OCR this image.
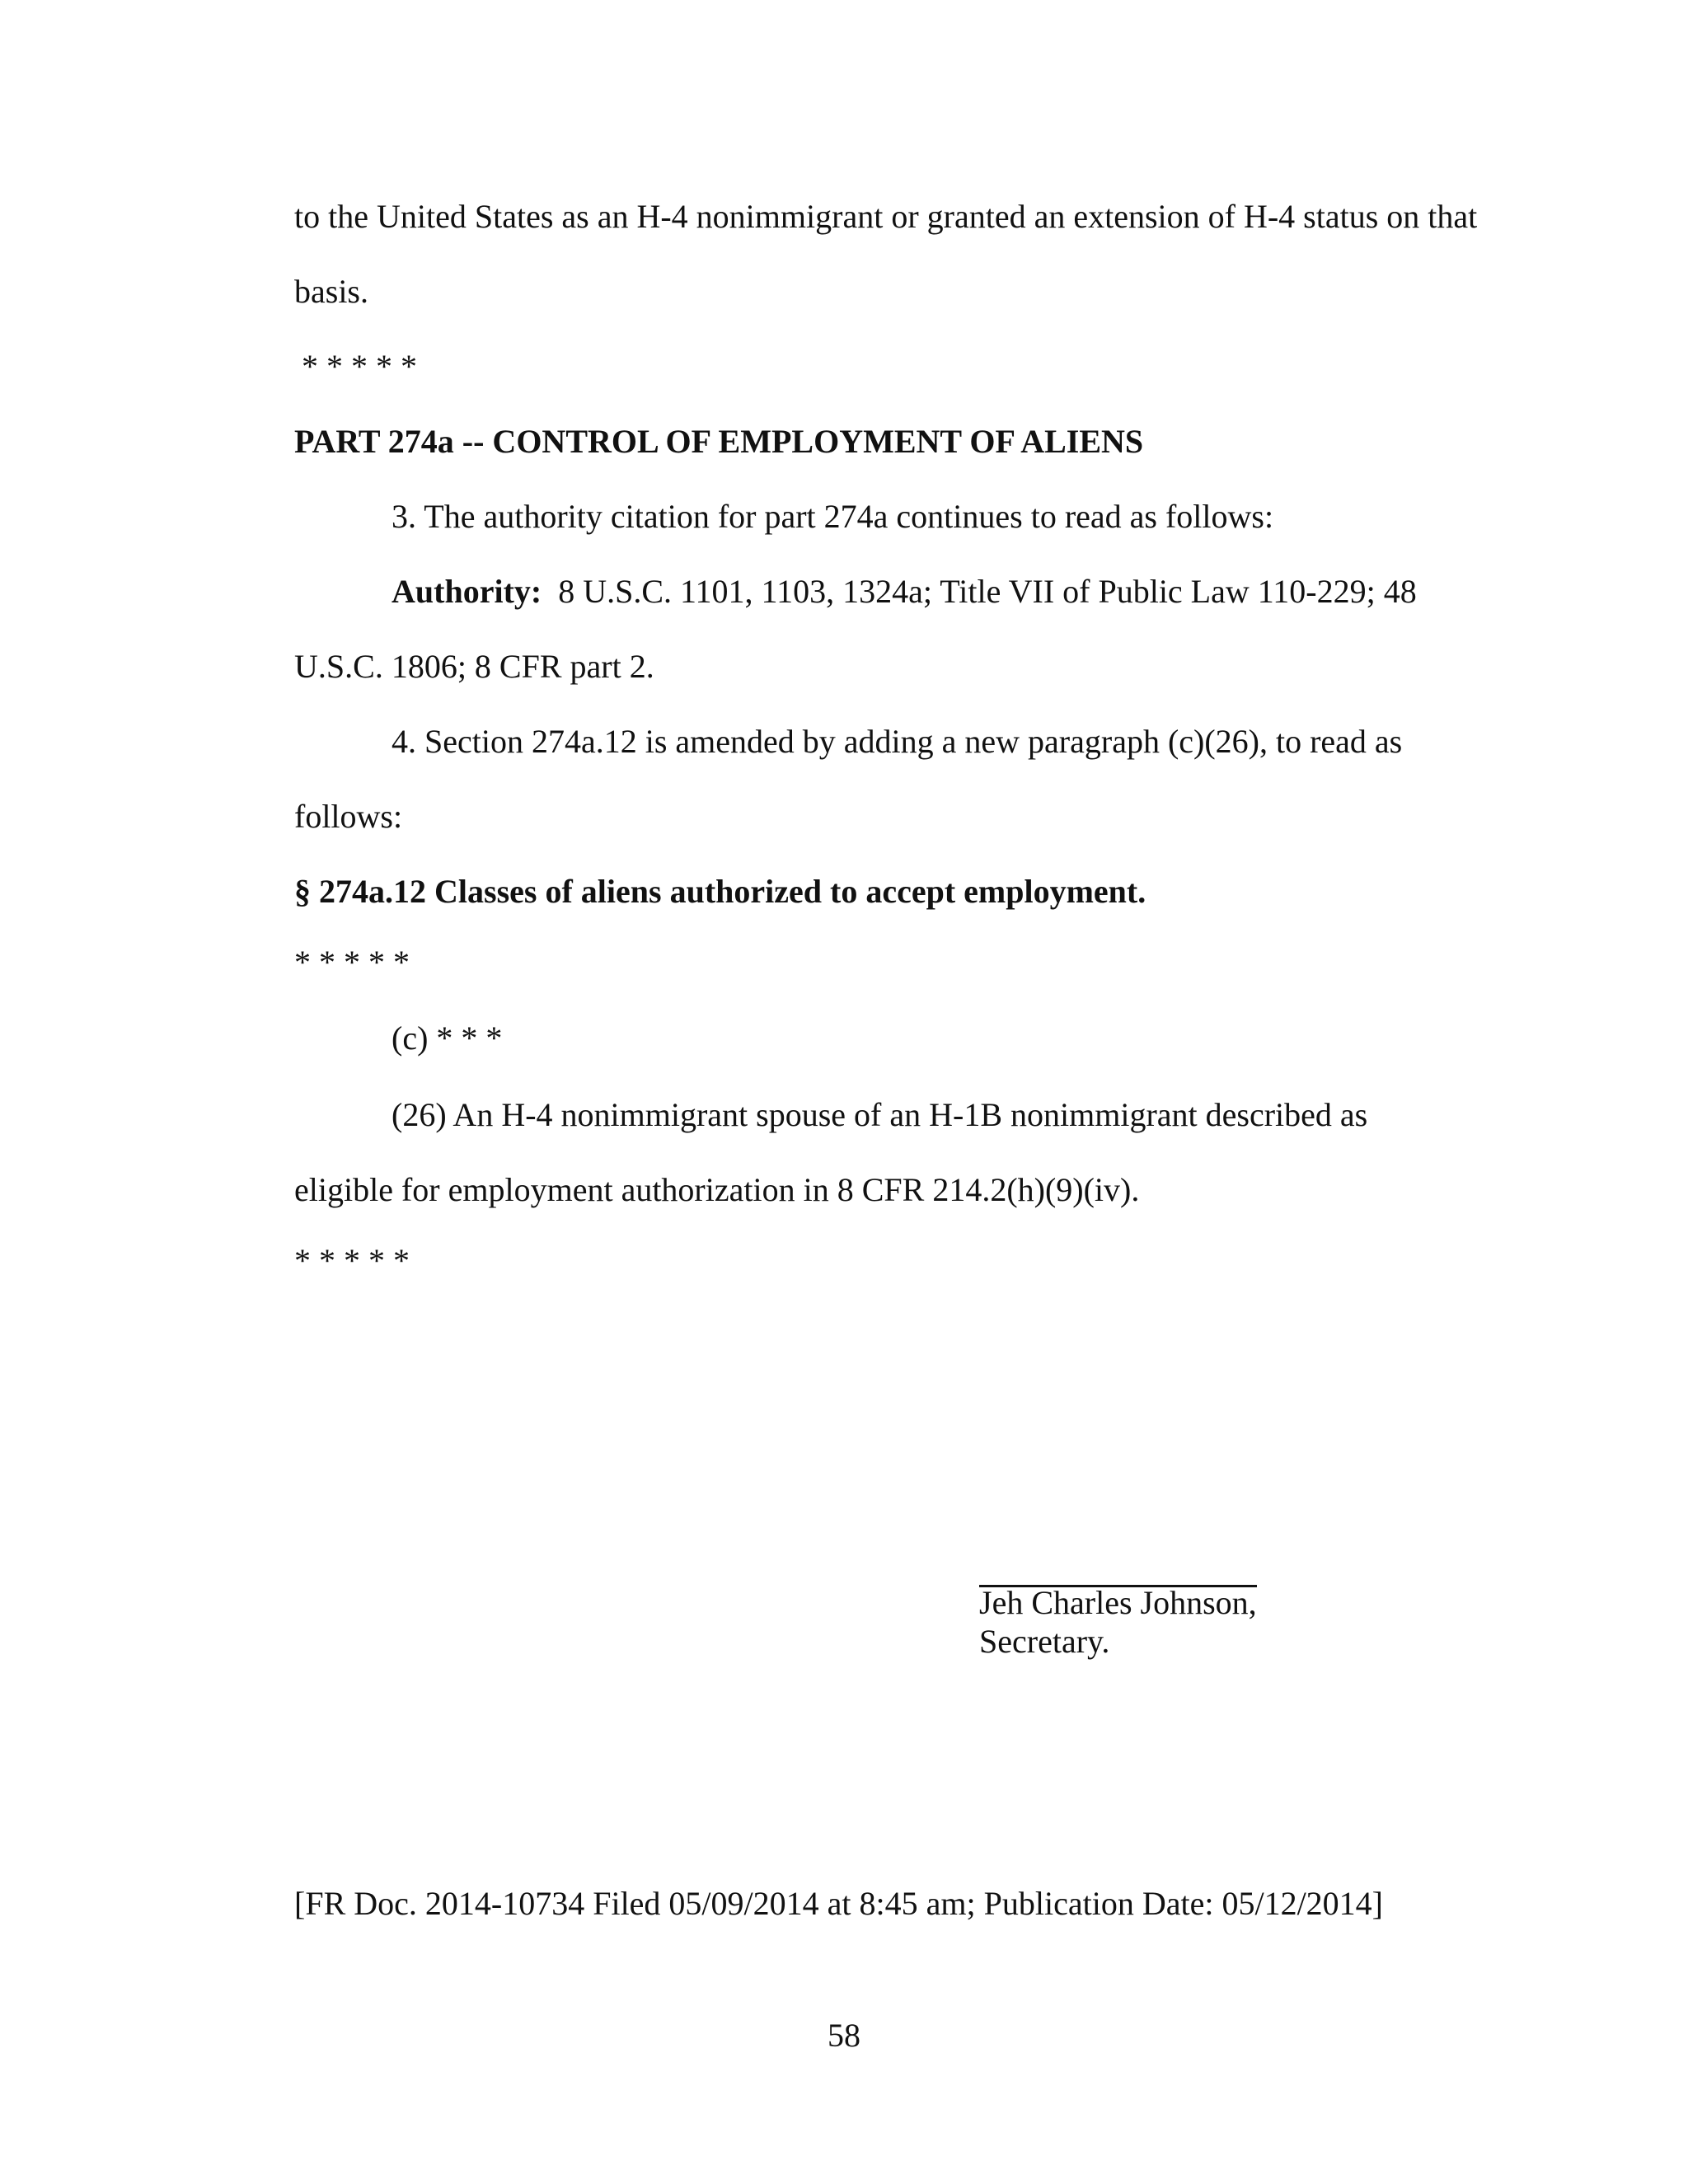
to the United States as an H-4 nonimmigrant or granted an extension of H-4 status on that
basis.
* * * * *
PART 274a -- CONTROL OF EMPLOYMENT OF ALIENS
3. The authority citation for part 274a continues to read as follows:
Authority:  8 U.S.C. 1101, 1103, 1324a; Title VII of Public Law 110-229; 48
U.S.C. 1806; 8 CFR part 2.
4. Section 274a.12 is amended by adding a new paragraph (c)(26), to read as
follows:
§ 274a.12 Classes of aliens authorized to accept employment.
* * * * *
(c) * * *
(26) An H-4 nonimmigrant spouse of an H-1B nonimmigrant described as
eligible for employment authorization in 8 CFR 214.2(h)(9)(iv).
* * * * *
Jeh Charles Johnson,
Secretary.
[FR Doc. 2014-10734 Filed 05/09/2014 at 8:45 am; Publication Date: 05/12/2014]
58
